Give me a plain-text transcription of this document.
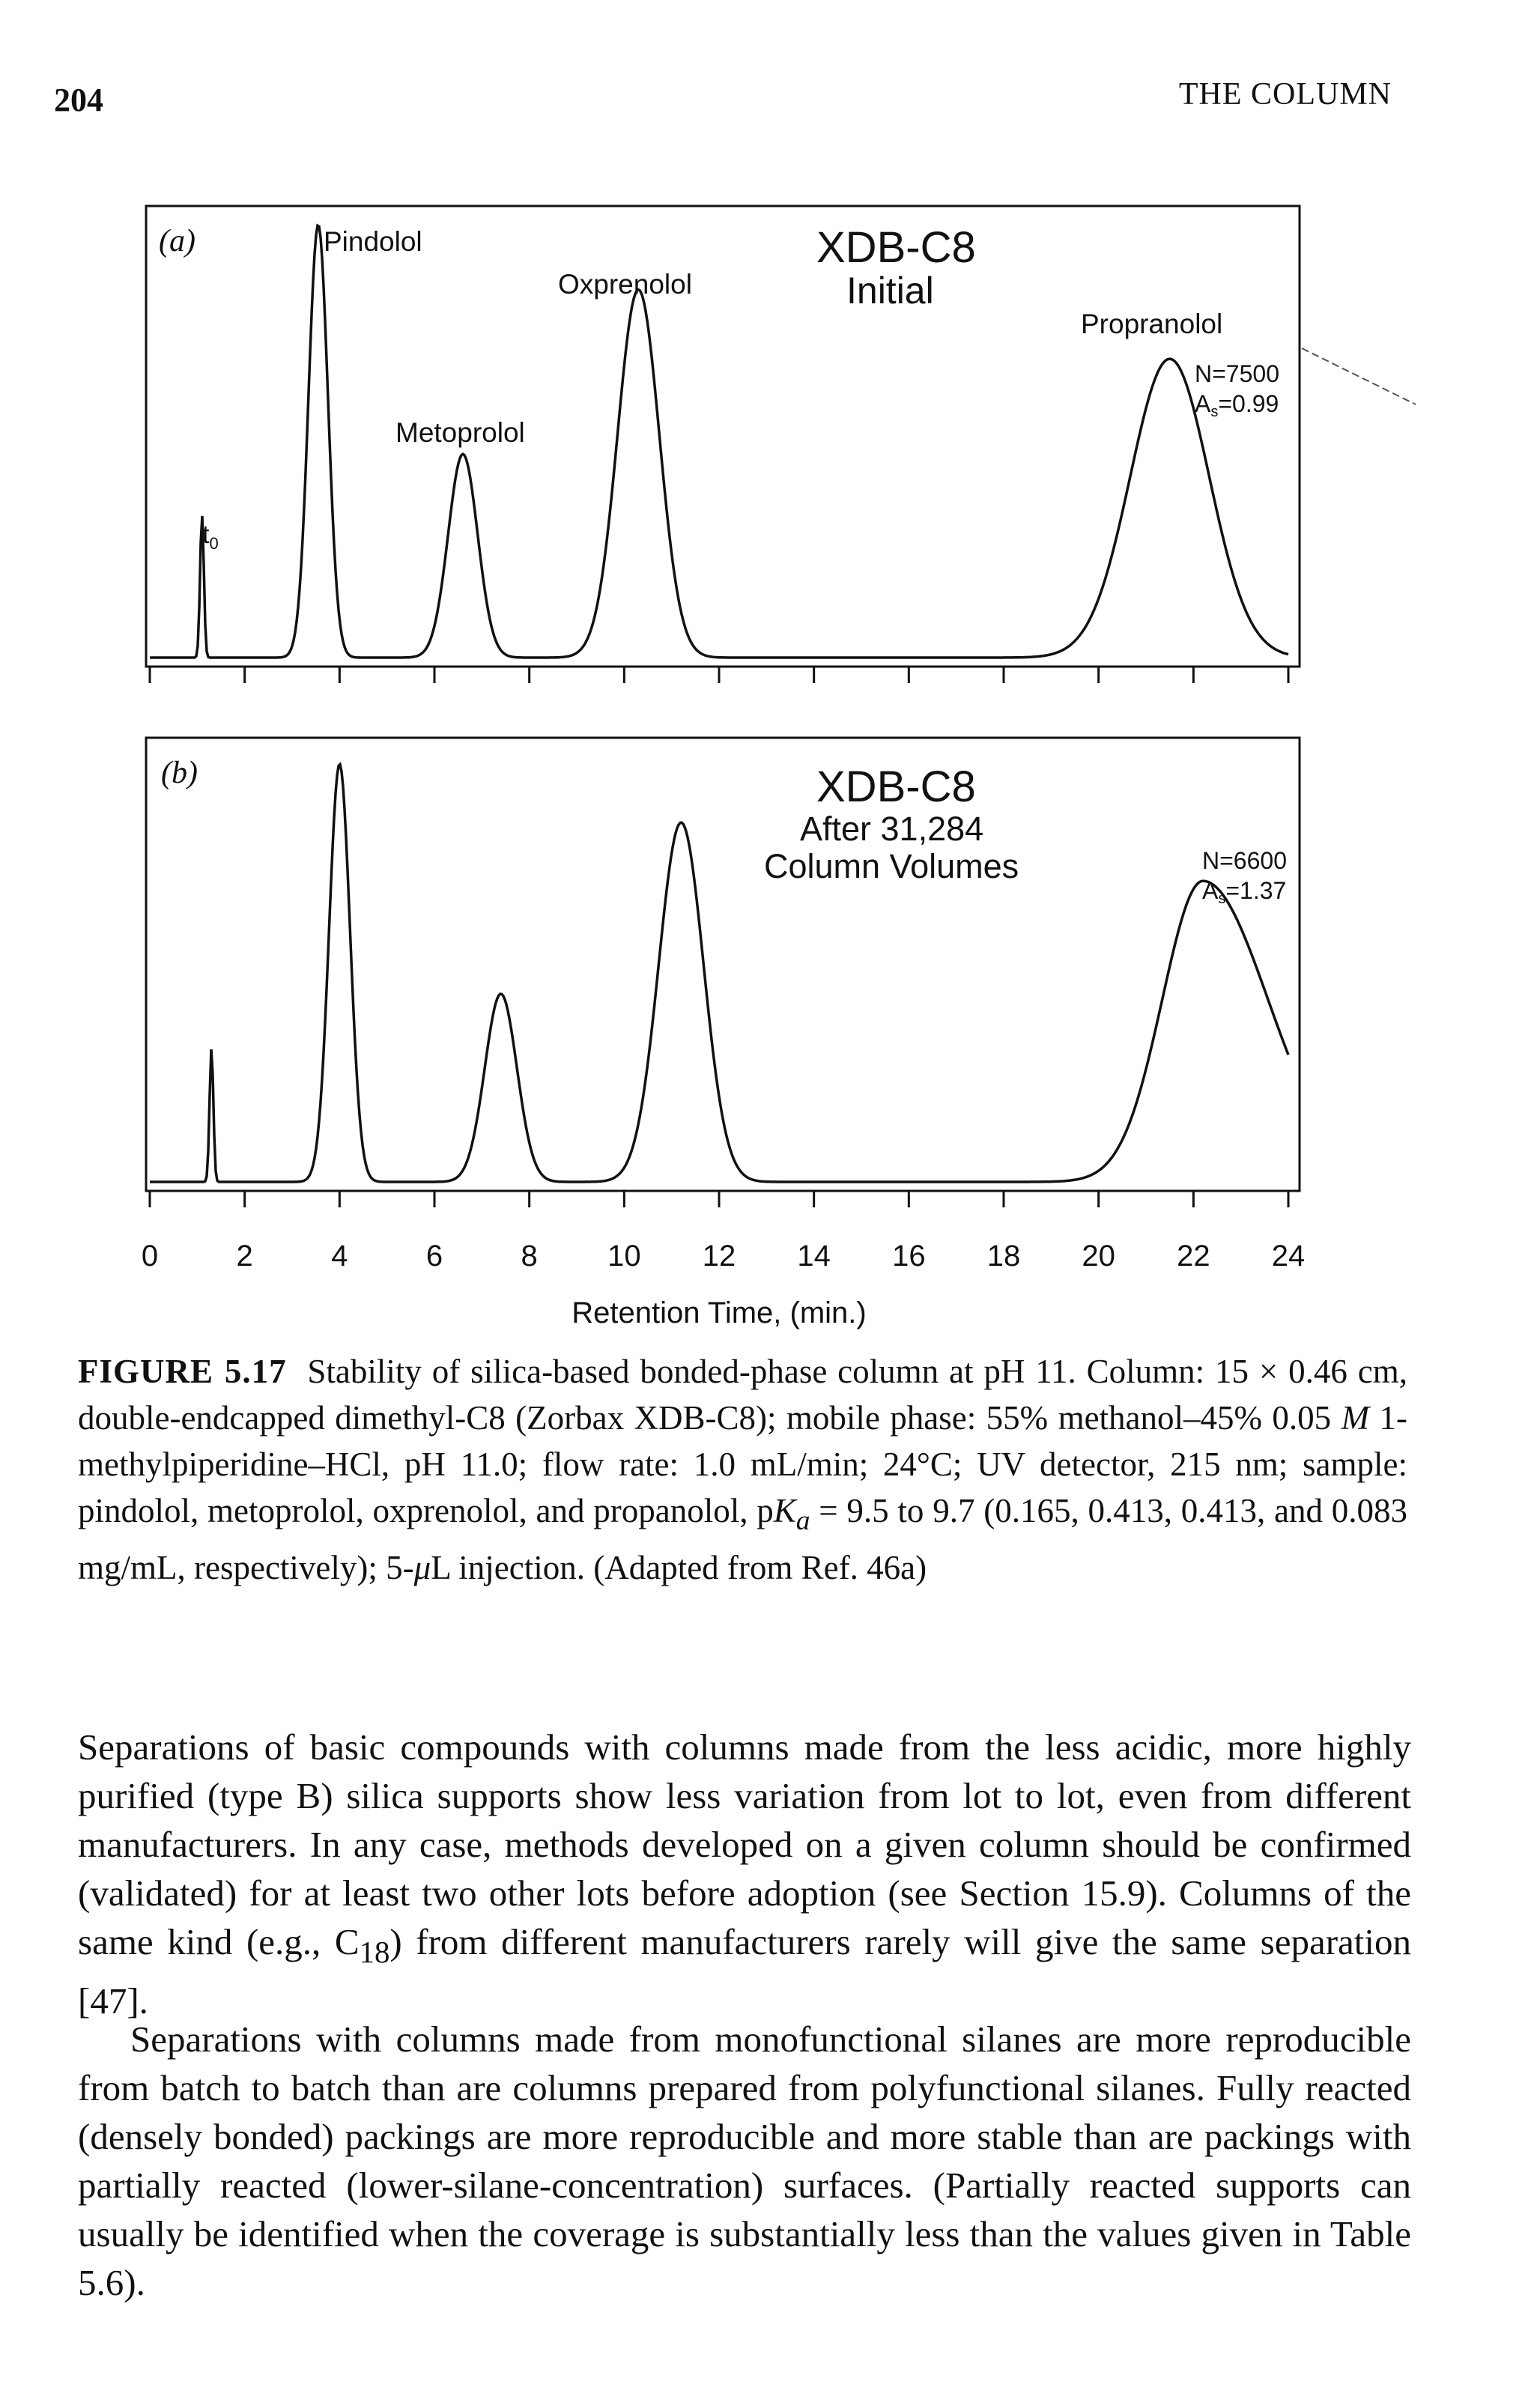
204	THE COLUMN
(a)	XDB-C8
Initial
Pindolol
Oxprenolol
Metoprolol
Propranolol
$t_0$
N=7500
As=0.99
(b)	XDB-C8
After 31,284
Column Volumes	N=6600
As=1.37
0	2	4	6	8 10 12 14 16 18 20 22 24
Retention Time, (min.)
FIGURE 5.17 Stability of silica-based bonded-phase column at pH 11. Column: 15 × 0.46 cm, double-endcapped dimethyl-C8 (Zorbax XDB-C8); mobile phase: 55% methanol–45% 0.05 M 1-methylpiperidine–HCl, pH 11.0; flow rate: 1.0 mL/min; 24°C; UV detector, 215 nm; sample: pindolol, metoprolol, oxprenolol, and propanolol, $pK_a = 9.5$ to 9.7 (0.165, 0.413, 0.413, and 0.083 mg/mL, respectively); 5-μL injection. (Adapted from Ref. 46a)

Separations of basic compounds with columns made from the less acidic, more highly purified (type B) silica supports show less variation from lot to lot, even from different manufacturers. In any case, methods developed on a given column should be confirmed (validated) for at least two other lots before adoption (see Section 15.9). Columns of the same kind (e.g., $C_{18}$) from different manufacturers rarely will give the same separation [47].

Separations with columns made from monofunctional silanes are more reproducible from batch to batch than are columns prepared from polyfunctional silanes. Fully reacted (densely bonded) packings are more reproducible and more stable than are packings with partially reacted (lower-silane-concentration) surfaces. (Partially reacted supports can usually be identified when the coverage is substantially less than the values given in Table 5.6).
